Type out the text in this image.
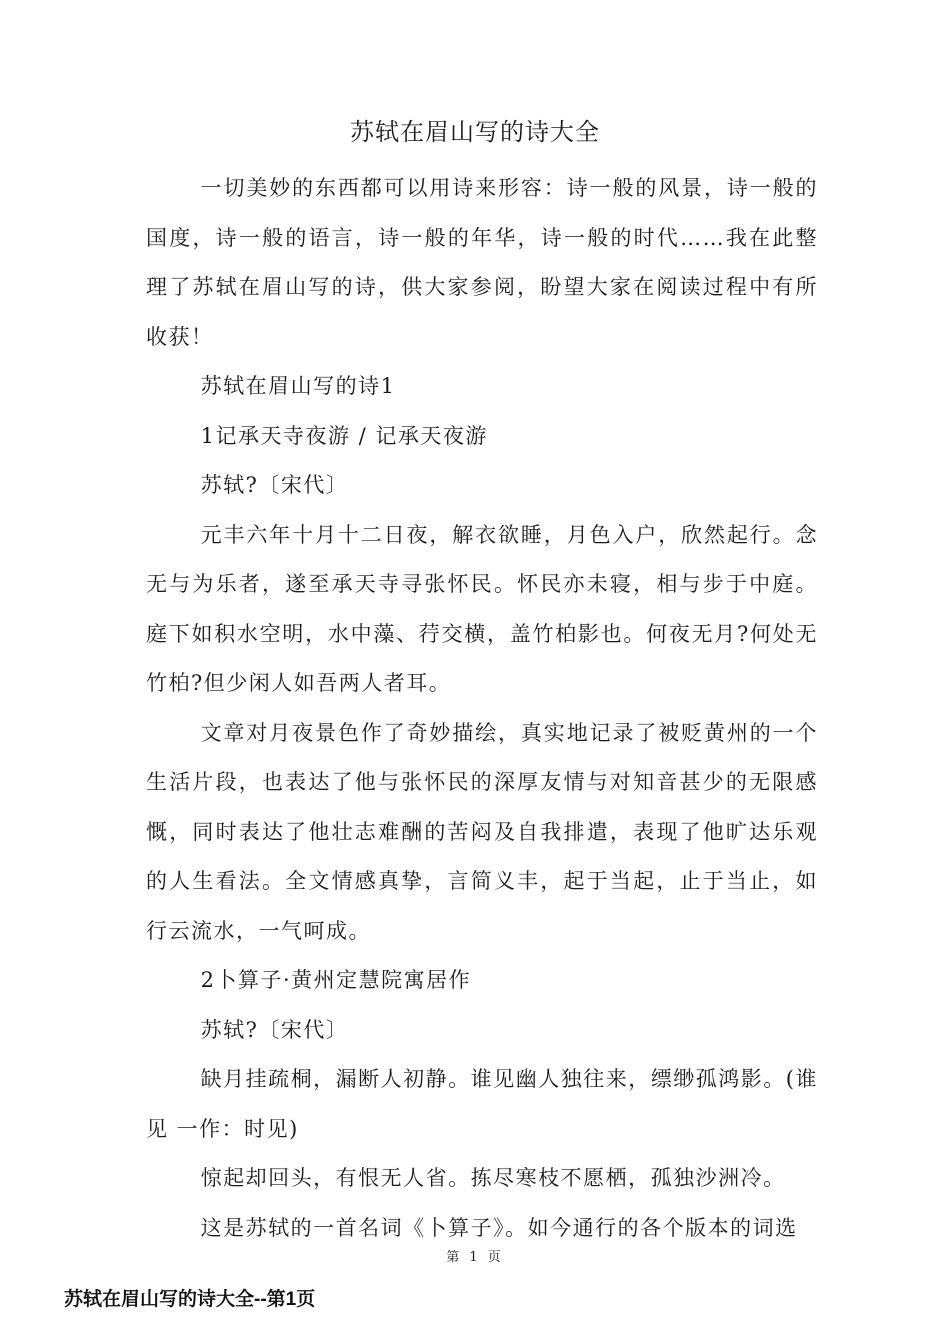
苏轼在眉山写的诗大全

一切美妙的东西都可以用诗来形容：诗一般的风景，诗一般的国度，诗一般的语言，诗一般的年华，诗一般的时代……我在此整理了苏轼在眉山写的诗，供大家参阅，盼望大家在阅读过程中有所收获！

苏轼在眉山写的诗1

1记承天寺夜游 / 记承天夜游

苏轼?〔宋代〕

元丰六年十月十二日夜，解衣欲睡，月色入户，欣然起行。念无与为乐者，遂至承天寺寻张怀民。怀民亦未寝，相与步于中庭。庭下如积水空明，水中藻、荇交横，盖竹柏影也。何夜无月?何处无竹柏?但少闲人如吾两人者耳。

文章对月夜景色作了奇妙描绘，真实地记录了被贬黄州的一个生活片段，也表达了他与张怀民的深厚友情与对知音甚少的无限感慨，同时表达了他壮志难酬的苦闷及自我排遣，表现了他旷达乐观的人生看法。全文情感真挚，言简义丰，起于当起，止于当止，如行云流水，一气呵成。

2卜算子·黄州定慧院寓居作

苏轼?〔宋代〕

缺月挂疏桐，漏断人初静。谁见幽人独往来，缥缈孤鸿影。(谁见 一作：时见)

惊起却回头，有恨无人省。拣尽寒枝不愿栖，孤独沙洲冷。

这是苏轼的一首名词《卜算子》。如今通行的各个版本的词选

第 1 页
苏轼在眉山写的诗大全--第1页
